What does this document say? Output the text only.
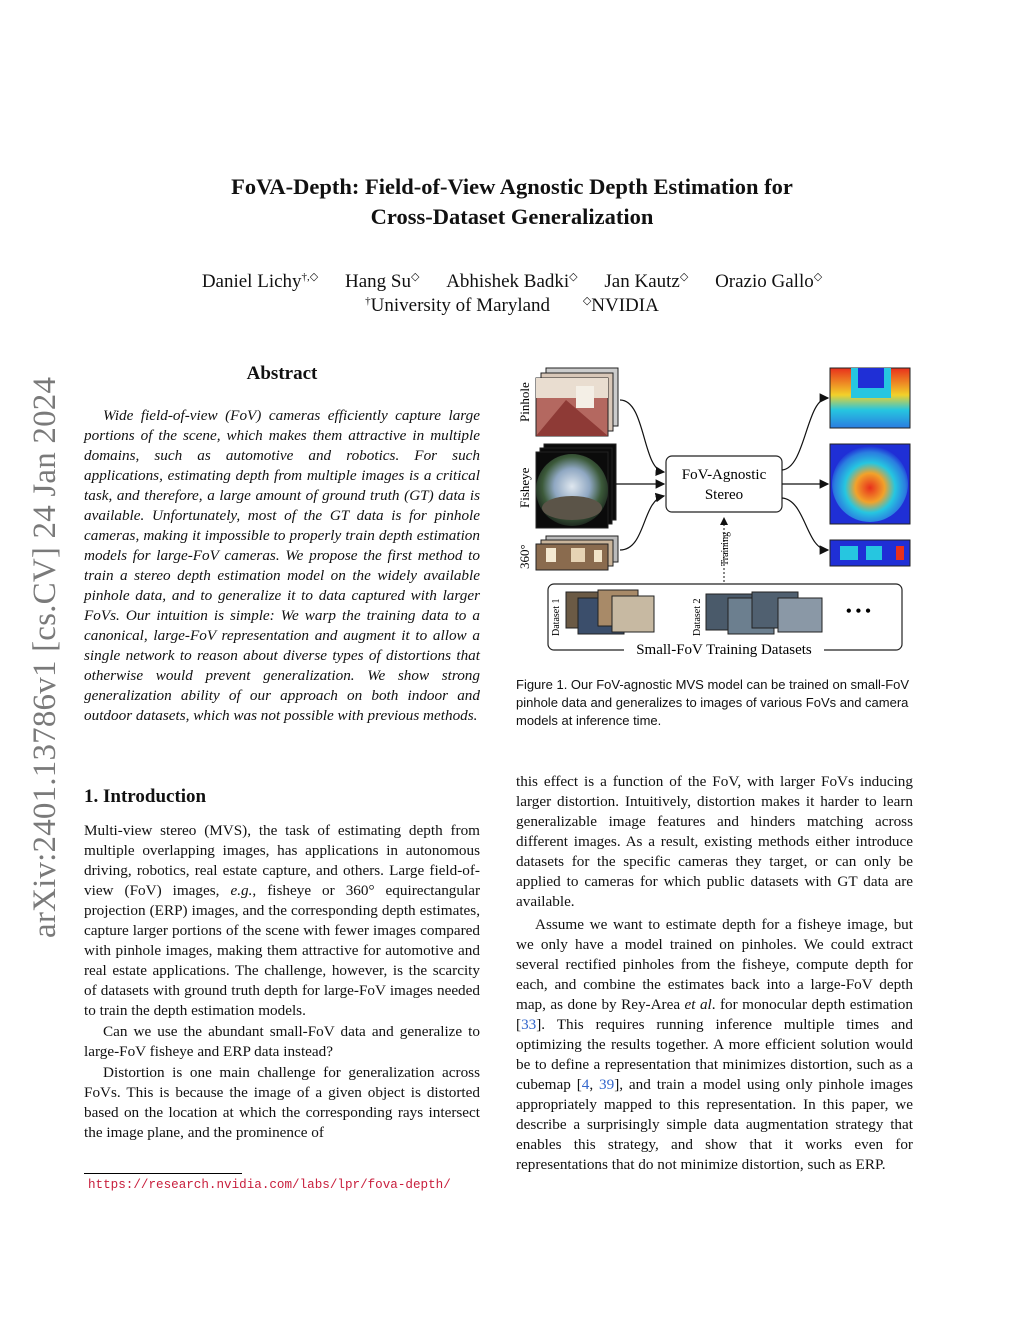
FoVA-Depth: Field-of-View Agnostic Depth Estimation for
Cross-Dataset Generalization
Daniel Lichy†,◇ Hang Su◇ Abhishek Badki◇ Jan Kautz◇ Orazio Gallo◇
†University of Maryland	◇NVIDIA
arXiv:2401.13786v1 [cs.CV] 24 Jan 2024
Abstract

Wide field-of-view (FoV) cameras efficiently capture large portions of the scene, which makes them attractive in multiple domains, such as automotive and robotics. For such applications, estimating depth from multiple images is a critical task, and therefore, a large amount of ground truth (GT) data is available. Unfortunately, most of the GT data is for pinhole cameras, making it impossible to properly train depth estimation models for large-FoV cameras. We propose the first method to train a stereo depth estimation model on the widely available pinhole data, and to generalize it to data captured with larger FoVs. Our intuition is simple: We warp the training data to a canonical, large-FoV representation and augment it to allow a single network to reason about diverse types of distortions that otherwise would prevent generalization. We show strong generalization ability of our approach on both indoor and outdoor datasets, which was not possible with previous methods.

1. Introduction

Multi-view stereo (MVS), the task of estimating depth from multiple overlapping images, has applications in autonomous driving, robotics, real estate capture, and others. Large field-of-view (FoV) images, e.g., fisheye or 360° equirectangular projection (ERP) images, and the corresponding depth estimates, capture larger portions of the scene with fewer images compared with pinhole images, making them attractive for automotive and real estate applications. The challenge, however, is the scarcity of datasets with ground truth depth for large-FoV images needed to train the depth estimation models.

Can we use the abundant small-FoV data and generalize to large-FoV fisheye and ERP data instead?

Distortion is one main challenge for generalization across FoVs. This is because the image of a given object is distorted based on the location at which the corresponding rays intersect the image plane, and the prominence of

https://research.nvidia.com/labs/lpr/fova-depth/
Pinhole
Fisheye
360°
FoV-Agnostic
Stereo
Training
Small-FoV Training Datasets
Dataset 1	Dataset 2	• • •
Figure 1. Our FoV-agnostic MVS model can be trained on small-FoV pinhole data and generalizes to images of various FoVs and camera models at inference time.

this effect is a function of the FoV, with larger FoVs inducing larger distortion. Intuitively, distortion makes it harder to learn generalizable image features and hinders matching across different images. As a result, existing methods either introduce datasets for the specific cameras they target, or can only be applied to cameras for which public datasets with GT data are available.

Assume we want to estimate depth for a fisheye image, but we only have a model trained on pinholes. We could extract several rectified pinholes from the fisheye, compute depth for each, and combine the estimates back into a large-FoV depth map, as done by Rey-Area et al. for monocular depth estimation [33]. This requires running inference multiple times and optimizing the results together. A more efficient solution would be to define a representation that minimizes distortion, such as a cubemap [4, 39], and train a model using only pinhole images appropriately mapped to this representation. In this paper, we describe a surprisingly simple data augmentation strategy that enables this strategy, and show that it works even for representations that do not minimize distortion, such as ERP.
